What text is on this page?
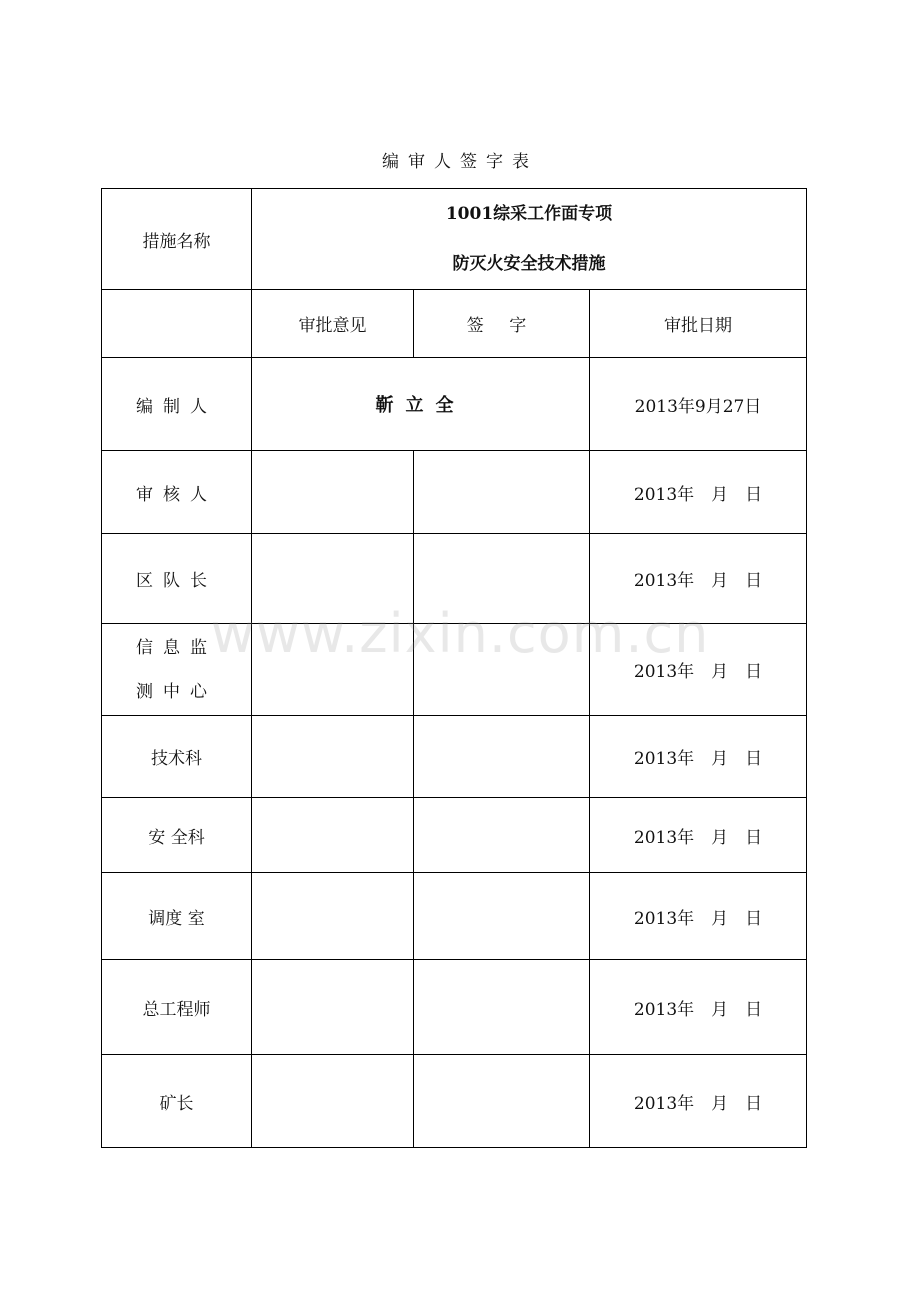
编审人签字表
措施名称	1001综采工作面专项
防灭火安全技术措施		

	审批意见	签 字	审批日期
编制人	靳立全		2013年9月27日
审核人			2013年　月　日
区队长			2013年　月　日

信息监
测中心			2013年　月　日
技术科			2013年　月　日
安 全科			2013年　月　日
调度 室			2013年　月　日
总工程师			2013年　月　日
矿长			2013年　月　日
www.zixin.com.cn
